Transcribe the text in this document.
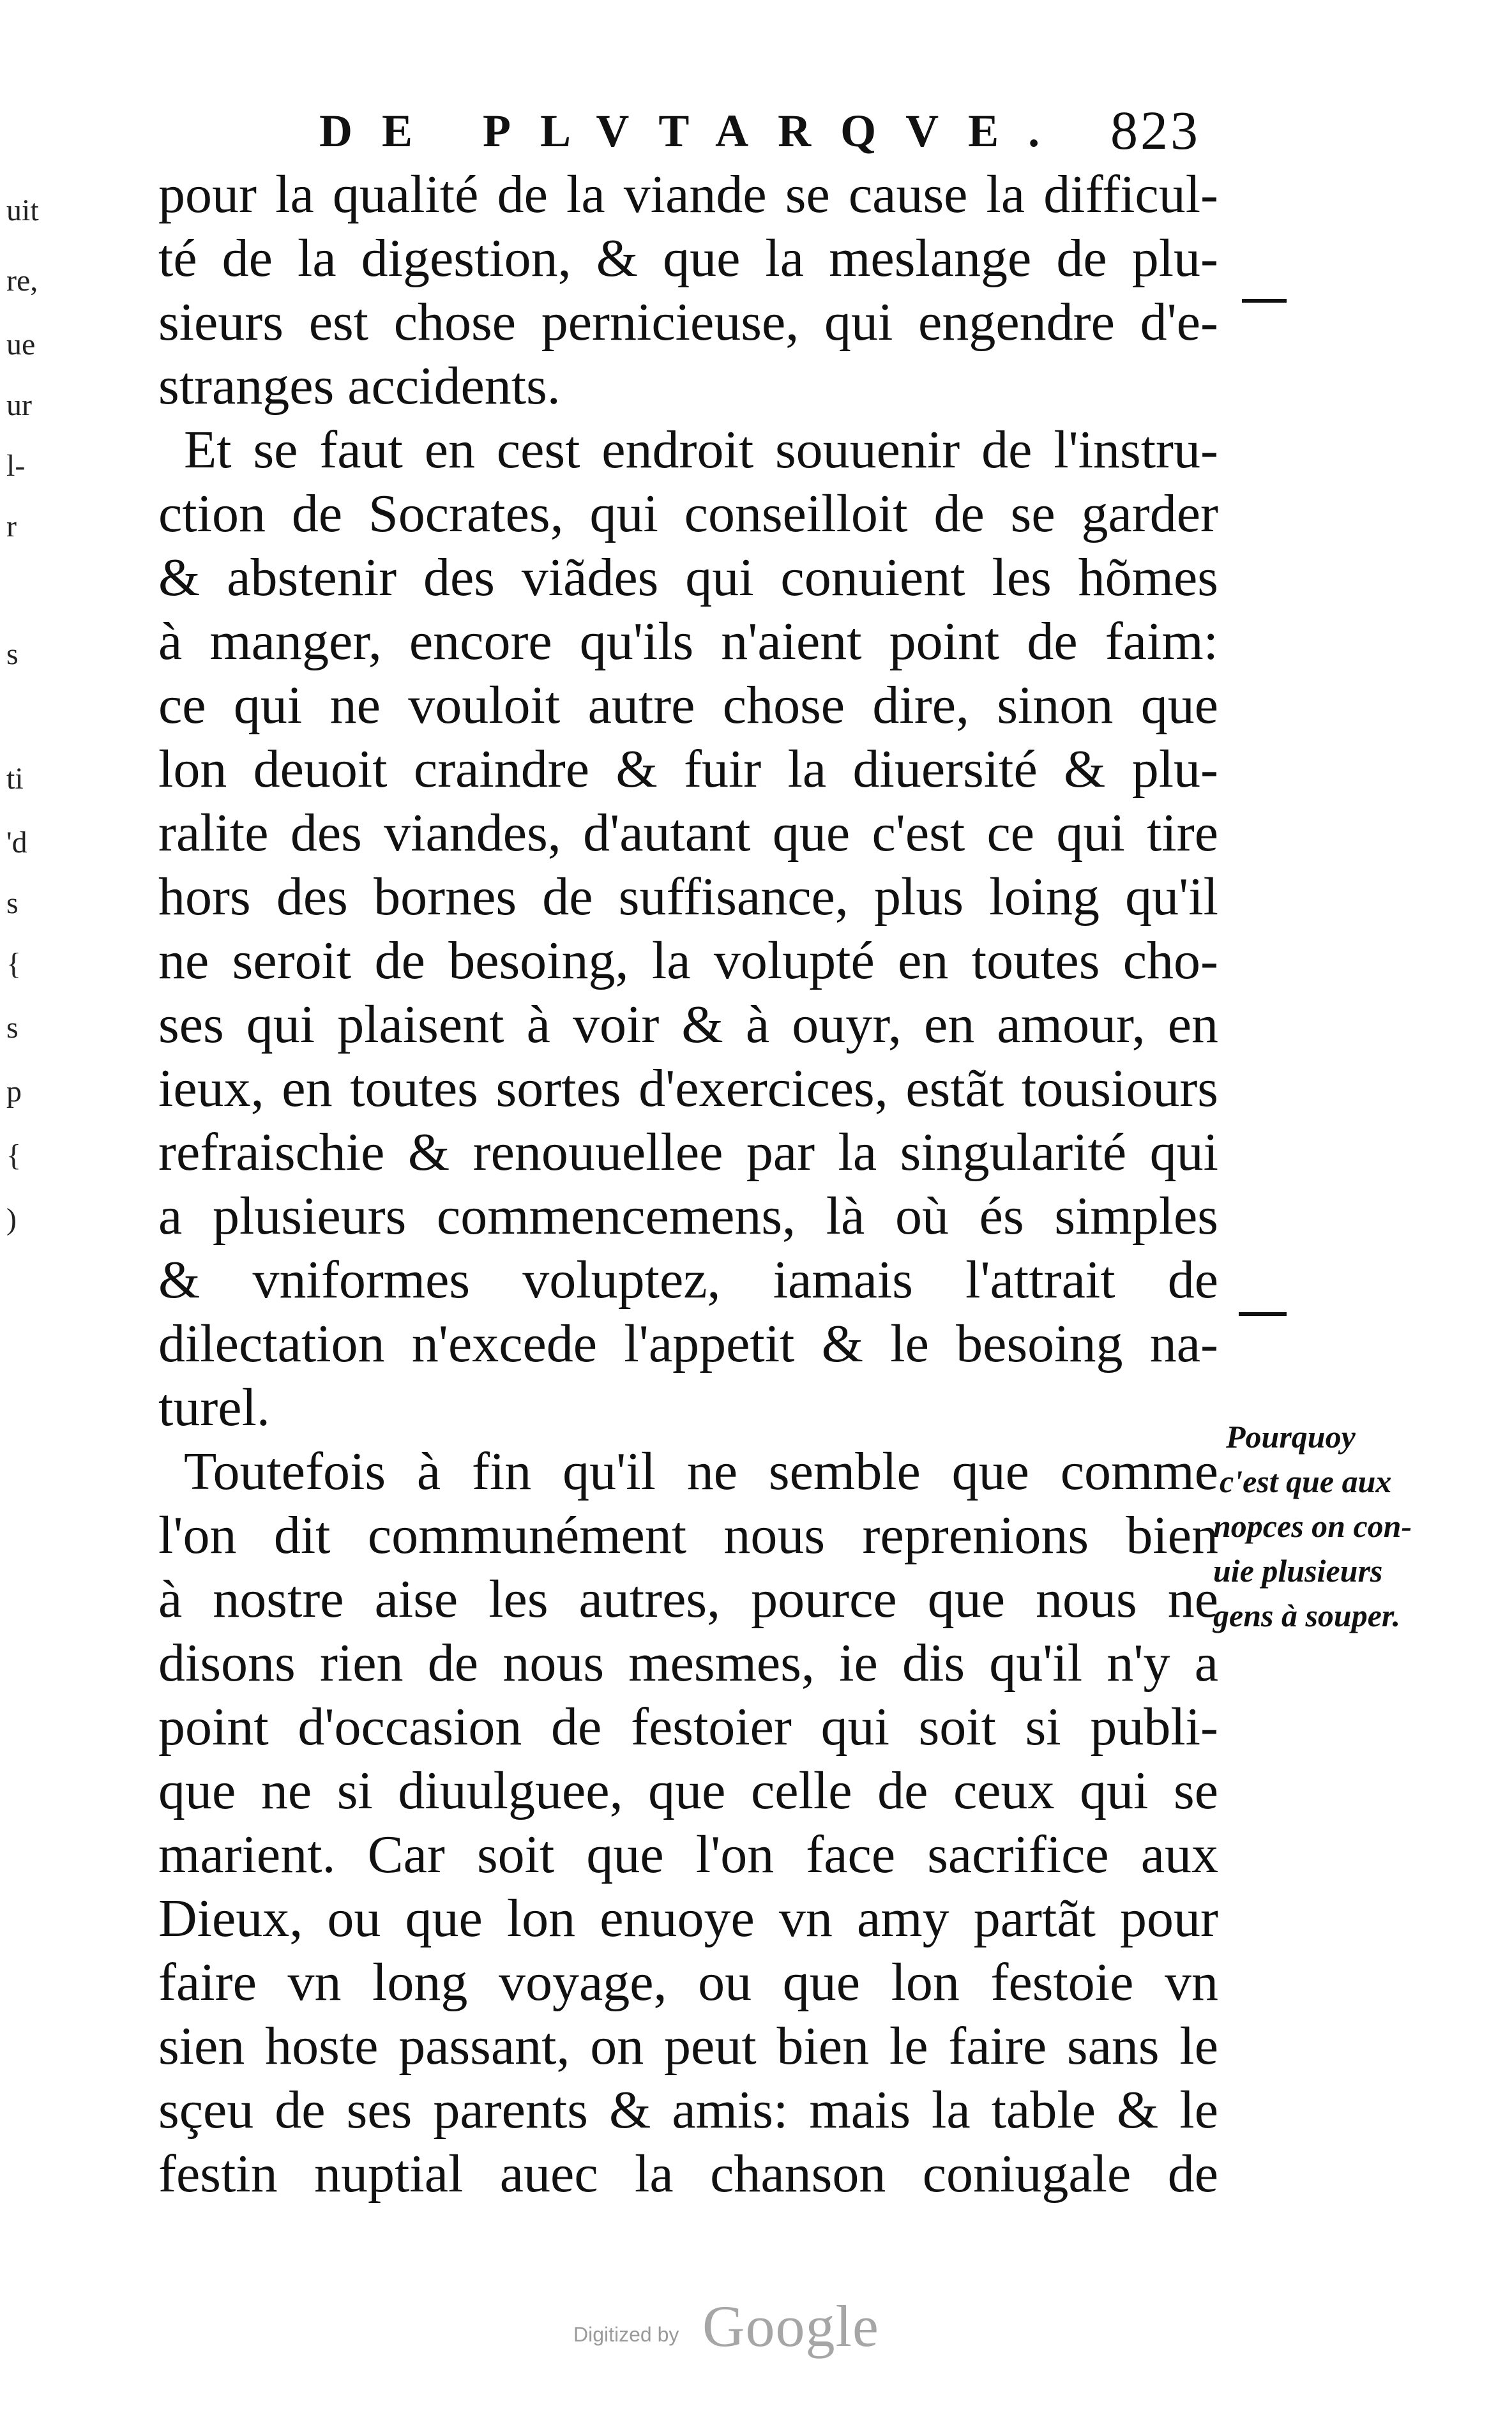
DE PLVTARQVE. 823
pour la qualité de la viande se cause la difficul-
té de la digestion, & que la meslange de plu-
sieurs est chose pernicieuse, qui engendre d'e-
stranges accidents.
Et se faut en cest endroit souuenir de l'instru-
ction de Socrates, qui conseilloit de se garder
& abstenir des viãdes qui conuient les hõmes
à manger, encore qu'ils n'aient point de faim:
ce qui ne vouloit autre chose dire, sinon que
lon deuoit craindre & fuir la diuersité & plu-
ralite des viandes, d'autant que c'est ce qui tire
hors des bornes de suffisance, plus loing qu'il
ne seroit de besoing, la volupté en toutes cho-
ses qui plaisent à voir & à ouyr, en amour, en
ieux, en toutes sortes d'exercices, estãt tousiours
refraischie & renouuellee par la singularité qui
a plusieurs commencemens, là où és simples
& vniformes voluptez, iamais l'attrait de
dilectation n'excede l'appetit & le besoing na-
turel.
Toutefois à fin qu'il ne semble que comme
l'on dit communément nous reprenions bien
à nostre aise les autres, pource que nous ne
disons rien de nous mesmes, ie dis qu'il n'y a
point d'occasion de festoier qui soit si publi-
que ne si diuulguee, que celle de ceux qui se
marient. Car soit que l'on face sacrifice aux
Dieux, ou que lon enuoye vn amy partãt pour
faire vn long voyage, ou que lon festoie vn
sien hoste passant, on peut bien le faire sans le
sçeu de ses parents & amis: mais la table & le
festin nuptial auec la chanson coniugale de
Pourquoy
c'est que aux
nopces on con-
uie plusieurs
gens à souper.
uit
re,
ue
ur
l-
r
s
ti
'd
s
{
s
p
{
)
Digitized by Google
